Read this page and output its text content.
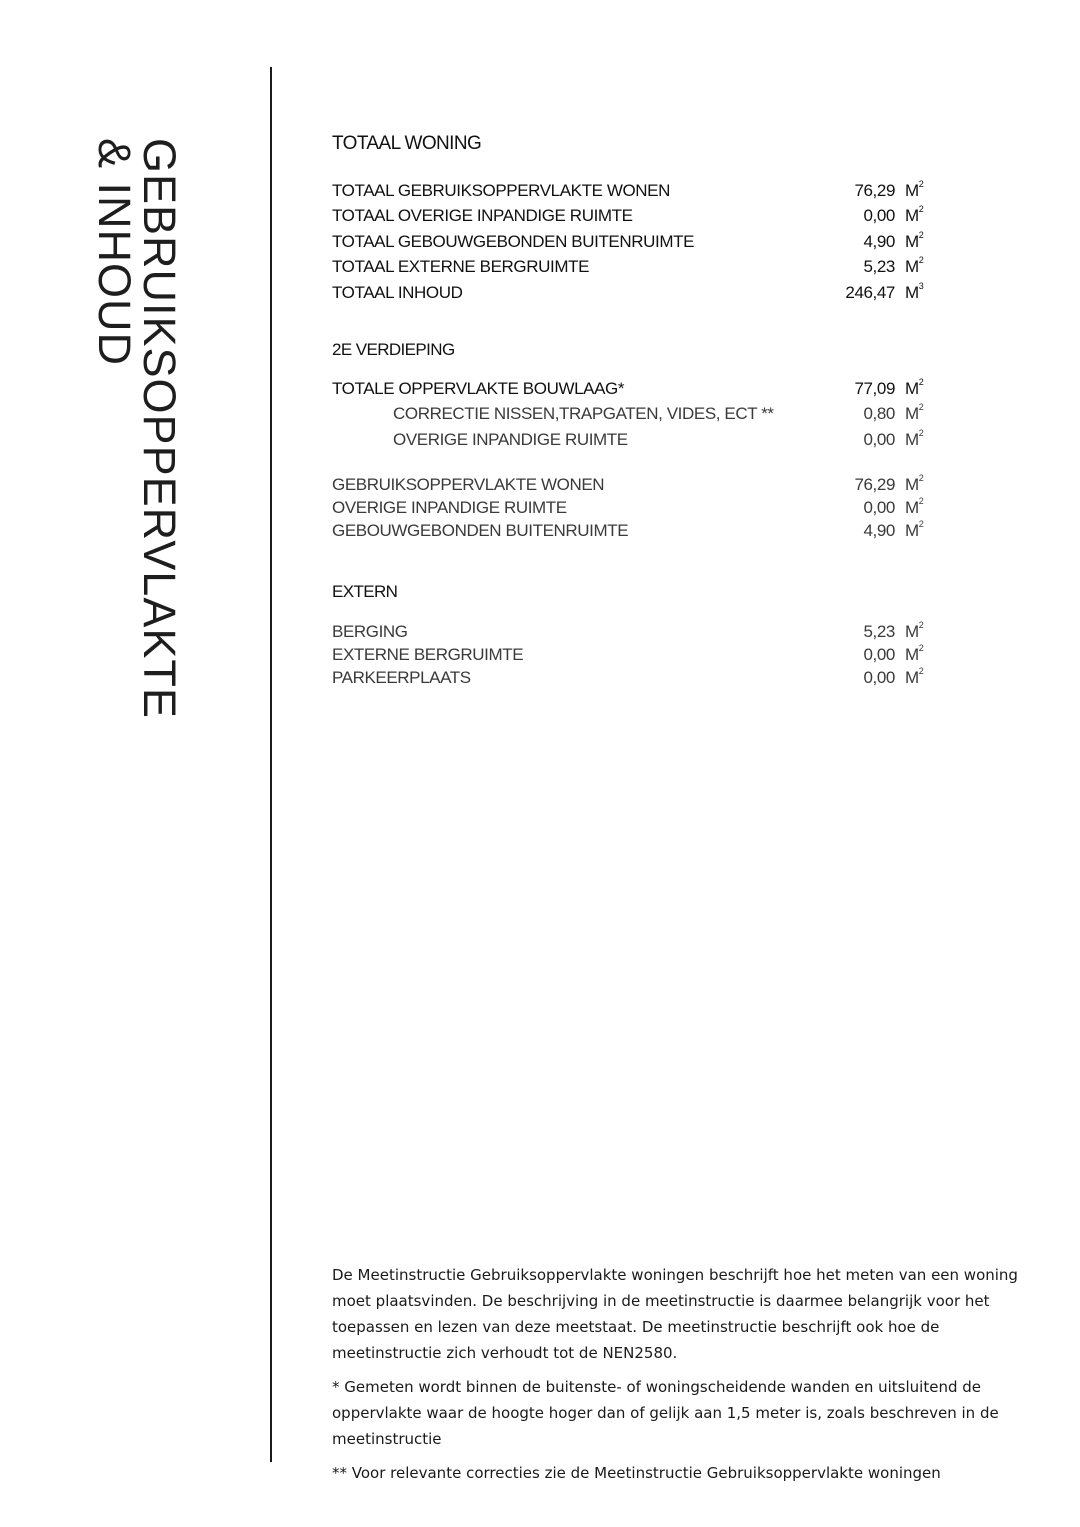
GEBRUIKSOPPERVLAKTE
& INHOUD	TOTAAL WONING
TOTAAL GEBRUIKSOPPERVLAKTE WONEN	76,29 $M^2$
TOTAAL OVERIGE INPANDIGE RUIMTE	0,00 $M^2$
TOTAAL GEBOUWGEBONDEN BUITENRUIMTE	4,90 $M^2$
TOTAAL EXTERNE BERGRUIMTE	5,23 $M^2$
TOTAAL INHOUD	246,47 $M^3$
2E VERDIEPING
TOTALE OPPERVLAKTE BOUWLAAG*	77,09 $M^2$
CORRECTIE NISSEN,TRAPGATEN, VIDES, ECT **	0,80 $M^2$
OVERIGE INPANDIGE RUIMTE	0,00 $M^2$
GEBRUIKSOPPERVLAKTE WONEN	76,29 $M^2$
OVERIGE INPANDIGE RUIMTE	0,00 $M^2$
GEBOUWGEBONDEN BUITENRUIMTE	4,90 $M^2$
EXTERN
BERGING	5,23 $M^2$
EXTERNE BERGRUIMTE	0,00 $M^2$
PARKEERPLAATS	0,00 $M^2$

De Meetinstructie Gebruiksoppervlakte woningen beschrijft hoe het meten van een woning moet plaatsvinden. De beschrijving in de meetinstructie is daarmee belangrijk voor het toepassen en lezen van deze meetstaat. De meetinstructie beschrijft ook hoe de meetinstructie zich verhoudt tot de NEN2580.

* Gemeten wordt binnen de buitenste- of woningscheidende wanden en uitsluitend de oppervlakte waar de hoogte hoger dan of gelijk aan 1,5 meter is, zoals beschreven in de meetinstructie

** Voor relevante correcties zie de Meetinstructie Gebruiksoppervlakte woningen
